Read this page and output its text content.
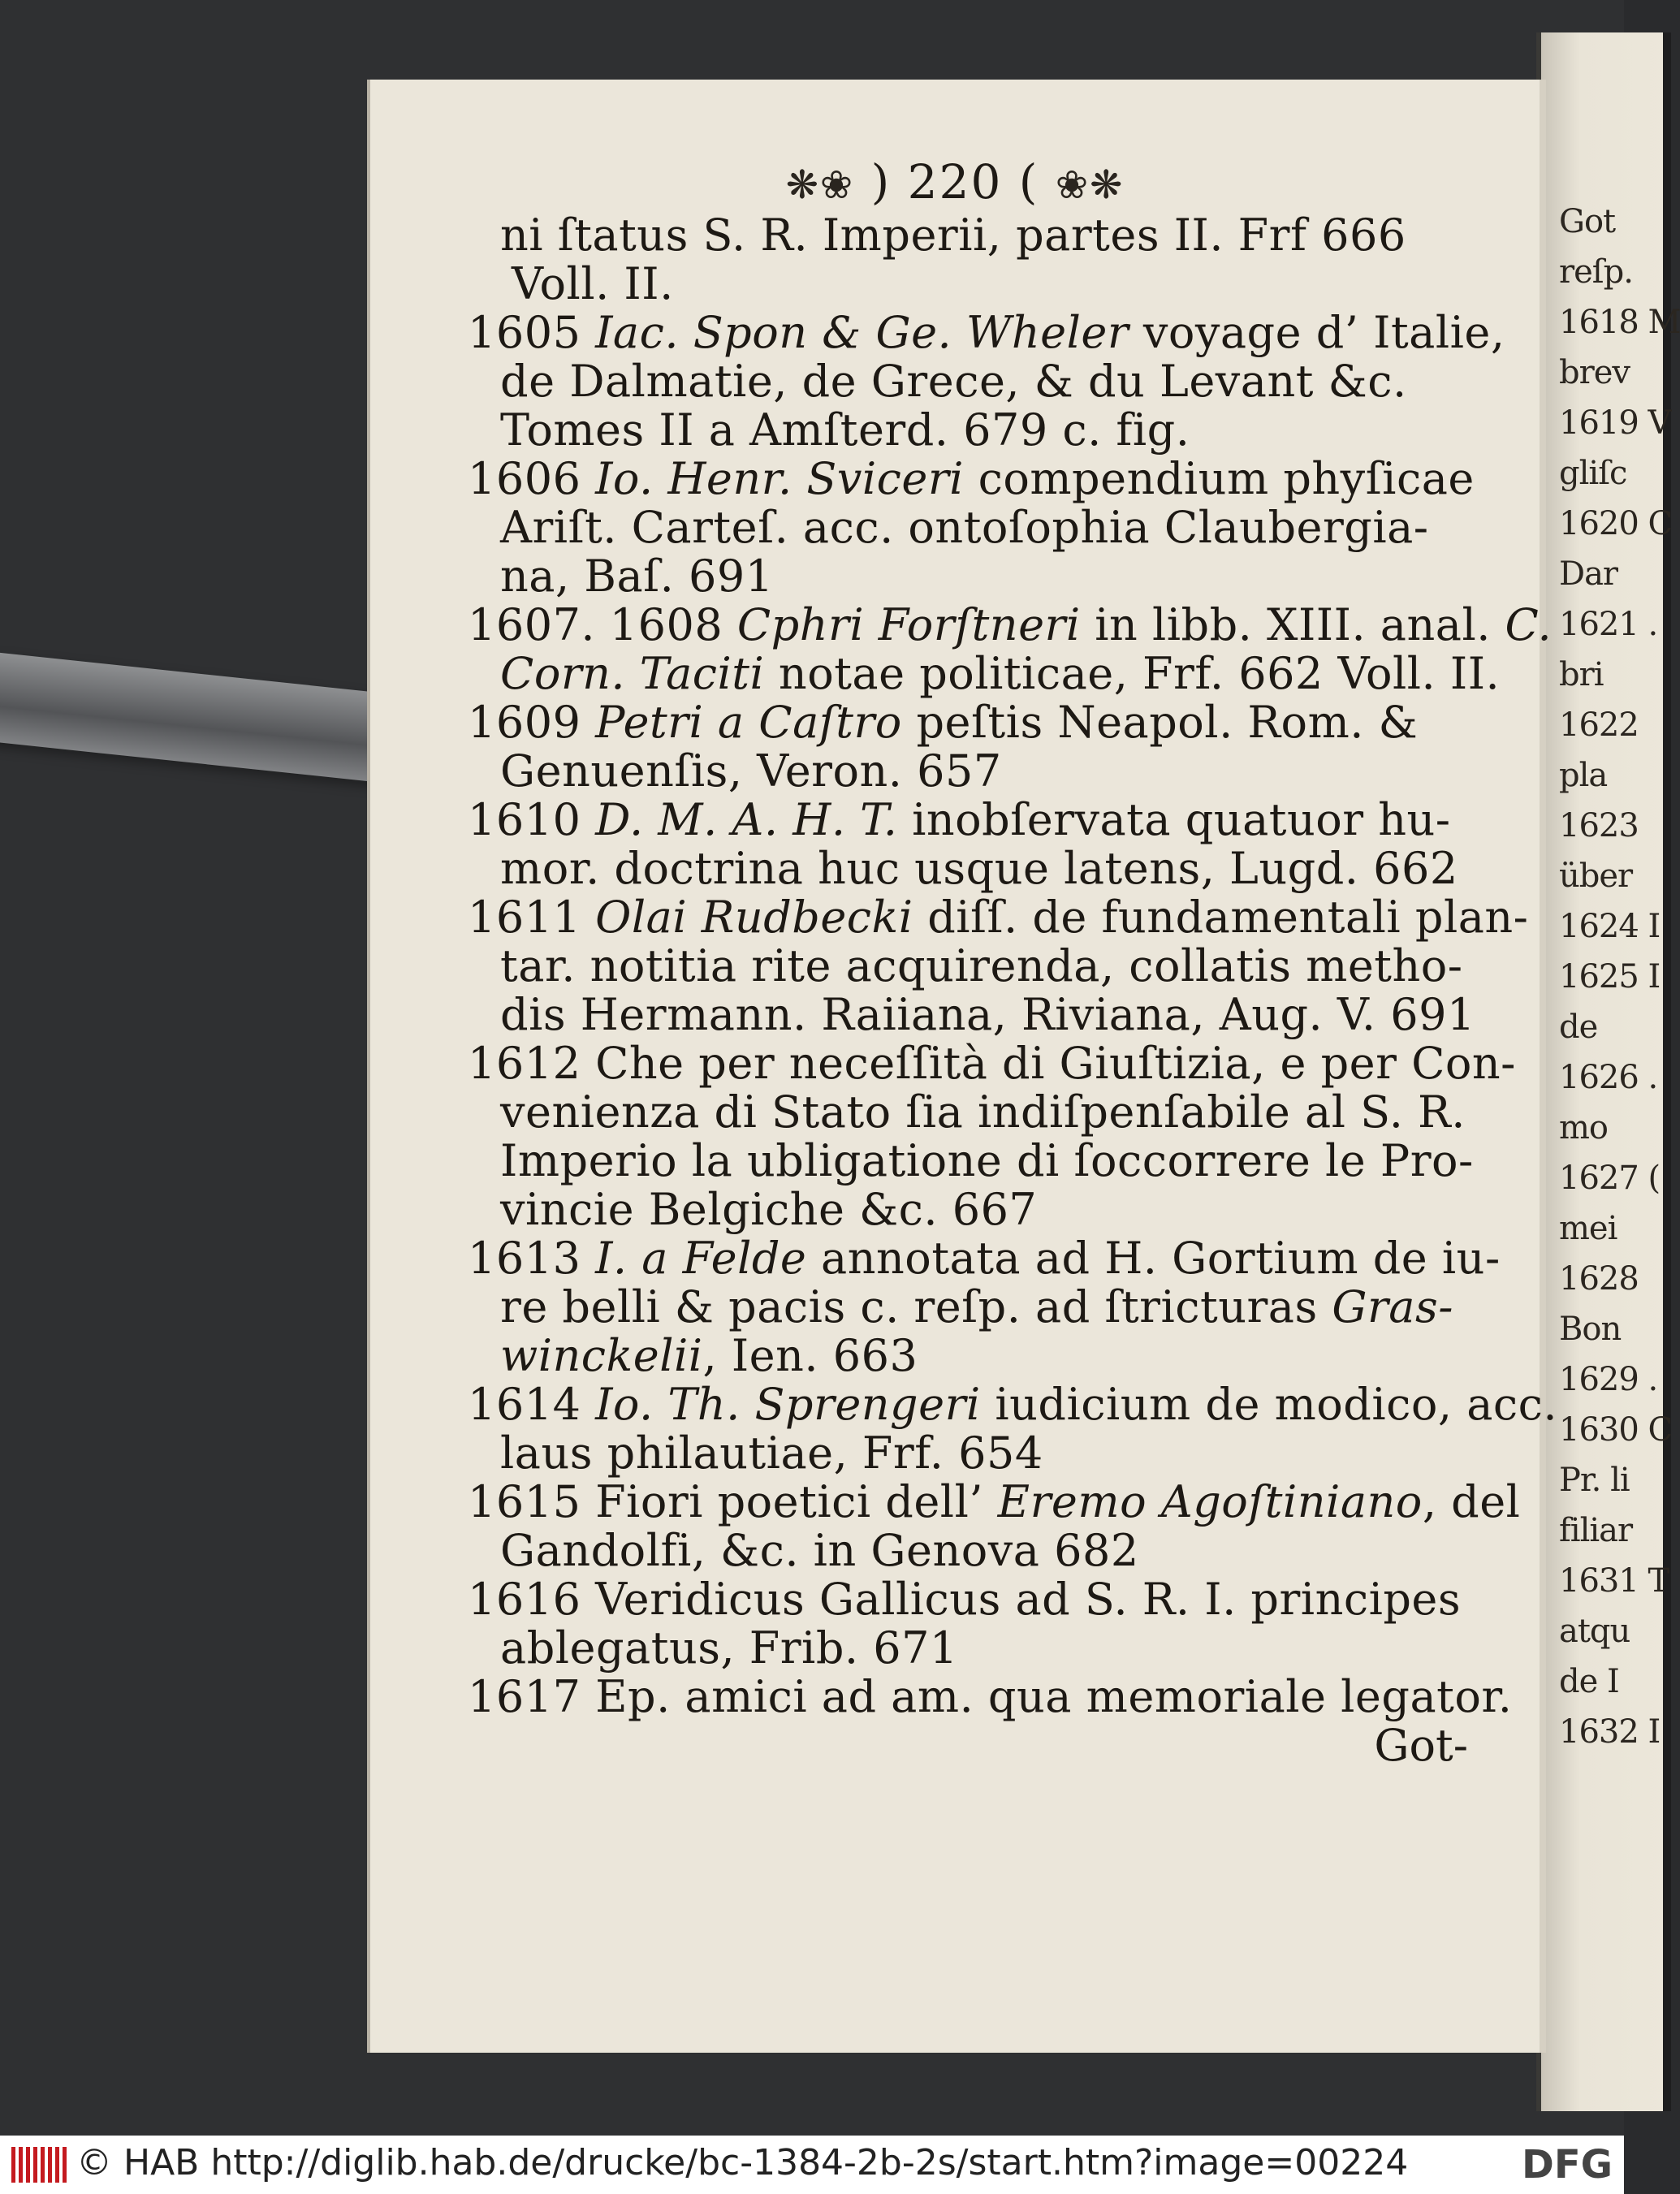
Got
reſp.
1618 M
brev
1619 V
gliſc
1620 C
Dar
1621 .
bri
1622
pla
1623
über
1624 I
1625 I
de
1626 .
mo
1627 (
mei
1628
Bon
1629 .
1630 C
Pr. li
filiar
1631 T
atqu
de I
1632 I
❋❀ ) 220 ( ❀❋
ni ſtatus S. R. Imperii, partes II. Frf 666
Voll. II.
1605 Iac. Spon & Ge. Wheler voyage d’ Italie,
de Dalmatie, de Grece, & du Levant &c.
Tomes II a Amſterd. 679 c. fig.
1606 Io. Henr. Sviceri compendium phyſicae
Ariſt. Carteſ. acc. ontoſophia Claubergia-
na, Baſ. 691
1607. 1608 Cphri Forſtneri in libb. XIII. anal. C.
Corn. Taciti notae politicae, Frf. 662 Voll. II.
1609 Petri a Caſtro peſtis Neapol. Rom. &
Genuenſis, Veron. 657
1610 D. M. A. H. T. inobſervata quatuor hu-
mor. doctrina huc usque latens, Lugd. 662
1611 Olai Rudbecki diſſ. de fundamentali plan-
tar. notitia rite acquirenda, collatis metho-
dis Hermann. Raiiana, Riviana, Aug. V. 691
1612 Che per neceſſità di Giuſtizia, e per Con-
venienza di Stato ſia indiſpenſabile al S. R.
Imperio la ubligatione di ſoccorrere le Pro-
vincie Belgiche &c. 667
1613 I. a Felde annotata ad H. Gortium de iu-
re belli & pacis c. reſp. ad ſtricturas Gras-
winckelii, Ien. 663
1614 Io. Th. Sprengeri iudicium de modico, acc.
laus philautiae, Frf. 654
1615 Fiori poetici dell’ Eremo Agoſtiniano, del
Gandolfi, &c. in Genova 682
1616 Veridicus Gallicus ad S. R. I. principes
ablegatus, Frib. 671
1617 Ep. amici ad am. qua memoriale legator.
Got-
© HAB http://diglib.hab.de/drucke/bc-1384-2b-2s/start.htm?image=00224	DFG
